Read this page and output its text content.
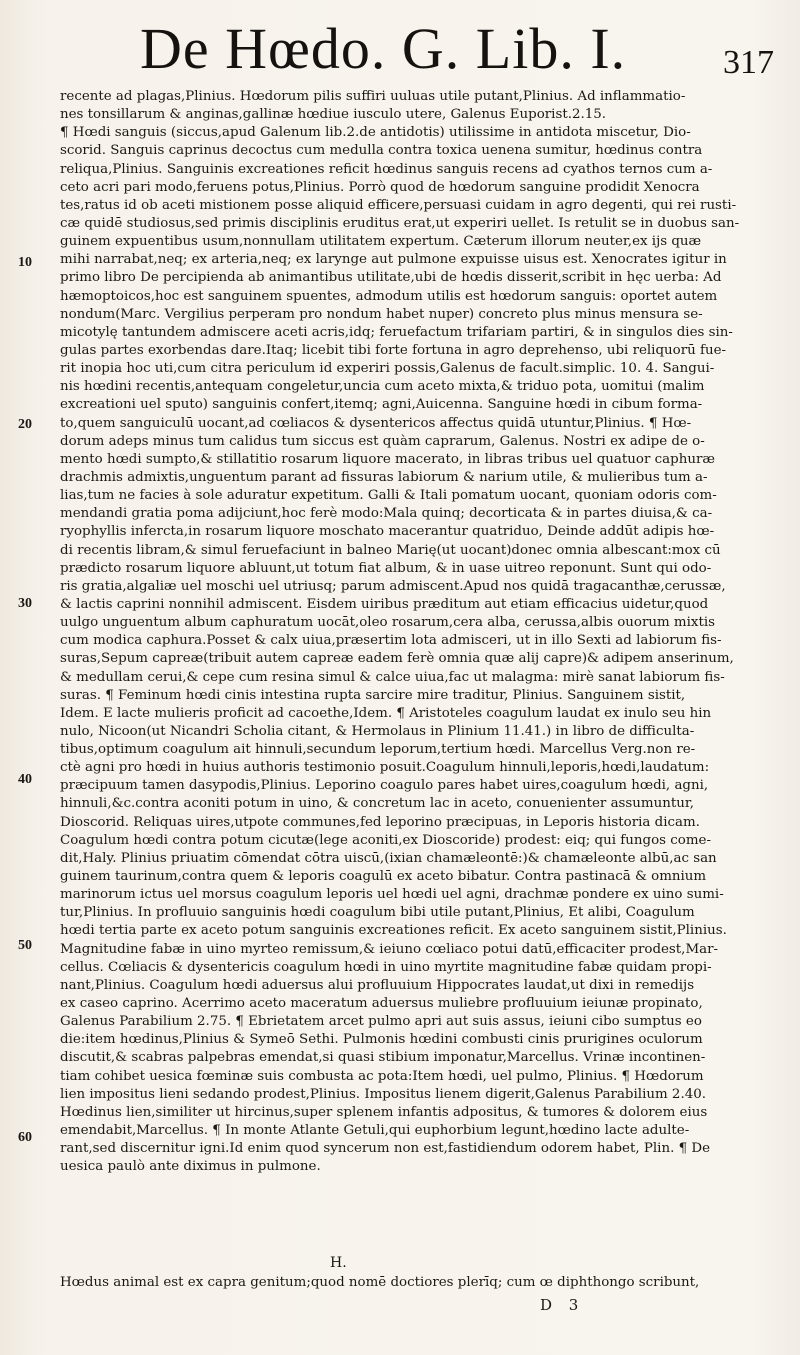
De Hœdo. G. Lib. I.	317
recente ad plagas,Plinius. Hœdorum pilis suffiri uuluas utile putant,Plinius. Ad inflammatio-
nes tonsillarum & anginas,gallinæ hœdiue iusculo utere, Galenus Euporist.2.15.
¶ Hœdi sanguis (siccus,apud Galenum lib.2.de antidotis) utilissime in antidota miscetur, Dio-
scorid. Sanguis caprinus decoctus cum medulla contra toxica uenena sumitur, hœdinus contra
reliqua,Plinius. Sanguinis excreationes reficit hœdinus sanguis recens ad cyathos ternos cum a-
ceto acri pari modo,feruens potus,Plinius. Porrò quod de hœdorum sanguine prodidit Xenocra
tes,ratus id ob aceti mistionem posse aliquid efficere,persuasi cuidam in agro degenti, qui rei rusti-
cæ quidē studiosus,sed primis disciplinis eruditus erat,ut experiri uellet. Is retulit se in duobus san-
guinem expuentibus usum,nonnullam utilitatem expertum. Cæterum illorum neuter,ex ijs quæ
mihi narrabat,neq; ex arteria,neq; ex larynge aut pulmone expuisse uisus est. Xenocrates igitur in
primo libro De percipienda ab animantibus utilitate,ubi de hœdis disserit,scribit in hęc uerba: Ad
hæmoptoicos,hoc est sanguinem spuentes, admodum utilis est hœdorum sanguis: oportet autem
nondum(Marc. Vergilius perperam pro nondum habet nuper) concreto plus minus mensura se-
micotylę tantundem admiscere aceti acris,idq; feruefactum trifariam partiri, & in singulos dies sin-
gulas partes exorbendas dare.Itaq; licebit tibi forte fortuna in agro deprehenso, ubi reliquorū fue-
rit inopia hoc uti,cum citra periculum id experiri possis,Galenus de facult.simplic. 10. 4. Sangui-
nis hœdini recentis,antequam congeletur,uncia cum aceto mixta,& triduo pota, uomitui (malim
excreationi uel sputo) sanguinis confert,itemq; agni,Auicenna. Sanguine hœdi in cibum forma-
to,quem sanguiculū uocant,ad cœliacos & dysentericos affectus quidā utuntur,Plinius. ¶ Hœ-
dorum adeps minus tum calidus tum siccus est quàm caprarum, Galenus. Nostri ex adipe de o-
mento hœdi sumpto,& stillatitio rosarum liquore macerato, in libras tribus uel quatuor caphuræ
drachmis admixtis,unguentum parant ad fissuras labiorum & narium utile, & mulieribus tum a-
lias,tum ne facies à sole aduratur expetitum. Galli & Itali pomatum uocant, quoniam odoris com-
mendandi gratia poma adijciunt,hoc ferè modo:Mala quinq; decorticata & in partes diuisa,& ca-
ryophyllis infercta,in rosarum liquore moschato macerantur quatriduo, Deinde addūt adipis hœ-
di recentis libram,& simul feruefaciunt in balneo Marię(ut uocant)donec omnia albescant:mox cū
prædicto rosarum liquore abluunt,ut totum fiat album, & in uase uitreo reponunt. Sunt qui odo-
ris gratia,algaliæ uel moschi uel utriusq; parum admiscent.Apud nos quidā tragacanthæ,cerussæ,
& lactis caprini nonnihil admiscent. Eisdem uiribus præditum aut etiam efficacius uidetur,quod
uulgo unguentum album caphuratum uocāt,oleo rosarum,cera alba, cerussa,albis ouorum mixtis
cum modica caphura.Posset & calx uiua,præsertim lota admisceri, ut in illo Sexti ad labiorum fis-
suras,Sepum capreæ(tribuit autem capreæ eadem ferè omnia quæ alij capre)& adipem anserinum,
& medullam cerui,& cepe cum resina simul & calce uiua,fac ut malagma: mirè sanat labiorum fis-
suras. ¶ Feminum hœdi cinis intestina rupta sarcire mire traditur, Plinius. Sanguinem sistit,
Idem. E lacte mulieris proficit ad cacoethe,Idem. ¶ Aristoteles coagulum laudat ex inulo seu hin
nulo, Nicoon(ut Nicandri Scholia citant, & Hermolaus in Plinium 11.41.) in libro de difficulta-
tibus,optimum coagulum ait hinnuli,secundum leporum,tertium hœdi. Marcellus Verg.non re-
ctè agni pro hœdi in huius authoris testimonio posuit.Coagulum hinnuli,leporis,hœdi,laudatum:
præcipuum tamen dasypodis,Plinius. Leporino coagulo pares habet uires,coagulum hœdi, agni,
hinnuli,&c.contra aconiti potum in uino, & concretum lac in aceto, conuenienter assumuntur,
Dioscorid. Reliquas uires,utpote communes,fed leporino præcipuas, in Leporis historia dicam.
Coagulum hœdi contra potum cicutæ(lege aconiti,ex Dioscoride) prodest: eiq; qui fungos come-
dit,Haly. Plinius priuatim cōmendat cōtra uiscū,(ixian chamæleontē:)& chamæleonte albū,ac san
guinem taurinum,contra quem & leporis coagulū ex aceto bibatur. Contra pastinacā & omnium
marinorum ictus uel morsus coagulum leporis uel hœdi uel agni, drachmæ pondere ex uino sumi-
tur,Plinius. In profluuio sanguinis hœdi coagulum bibi utile putant,Plinius, Et alibi, Coagulum
hœdi tertia parte ex aceto potum sanguinis excreationes reficit. Ex aceto sanguinem sistit,Plinius.
Magnitudine fabæ in uino myrteo remissum,& ieiuno cœliaco potui datū,efficaciter prodest,Mar-
cellus. Cœliacis & dysentericis coagulum hœdi in uino myrtite magnitudine fabæ quidam propi-
nant,Plinius. Coagulum hœdi aduersus alui profluuium Hippocrates laudat,ut dixi in remedijs
ex caseo caprino. Acerrimo aceto maceratum aduersus muliebre profluuium ieiunæ propinato,
Galenus Parabilium 2.75. ¶ Ebrietatem arcet pulmo apri aut suis assus, ieiuni cibo sumptus eo
die:item hœdinus,Plinius & Symeō Sethi. Pulmonis hœdini combusti cinis prurigines oculorum
discutit,& scabras palpebras emendat,si quasi stibium imponatur,Marcellus. Vrinæ incontinen-
tiam cohibet uesica fœminæ suis combusta ac pota:Item hœdi, uel pulmo, Plinius. ¶ Hœdorum
lien impositus lieni sedando prodest,Plinius. Impositus lienem digerit,Galenus Parabilium 2.40.
Hœdinus lien,similiter ut hircinus,super splenem infantis adpositus, & tumores & dolorem eius
emendabit,Marcellus. ¶ In monte Atlante Getuli,qui euphorbium legunt,hœdino lacte adulte-
rant,sed discernitur igni.Id enim quod syncerum non est,fastidiendum odorem habet, Plin. ¶ De
uesica paulò ante diximus in pulmone.
H.
Hœdus animal est ex capra genitum;quod nomē doctiores plerīq; cum œ diphthongo scribunt,
D 3
10
20
30
40
50
60
